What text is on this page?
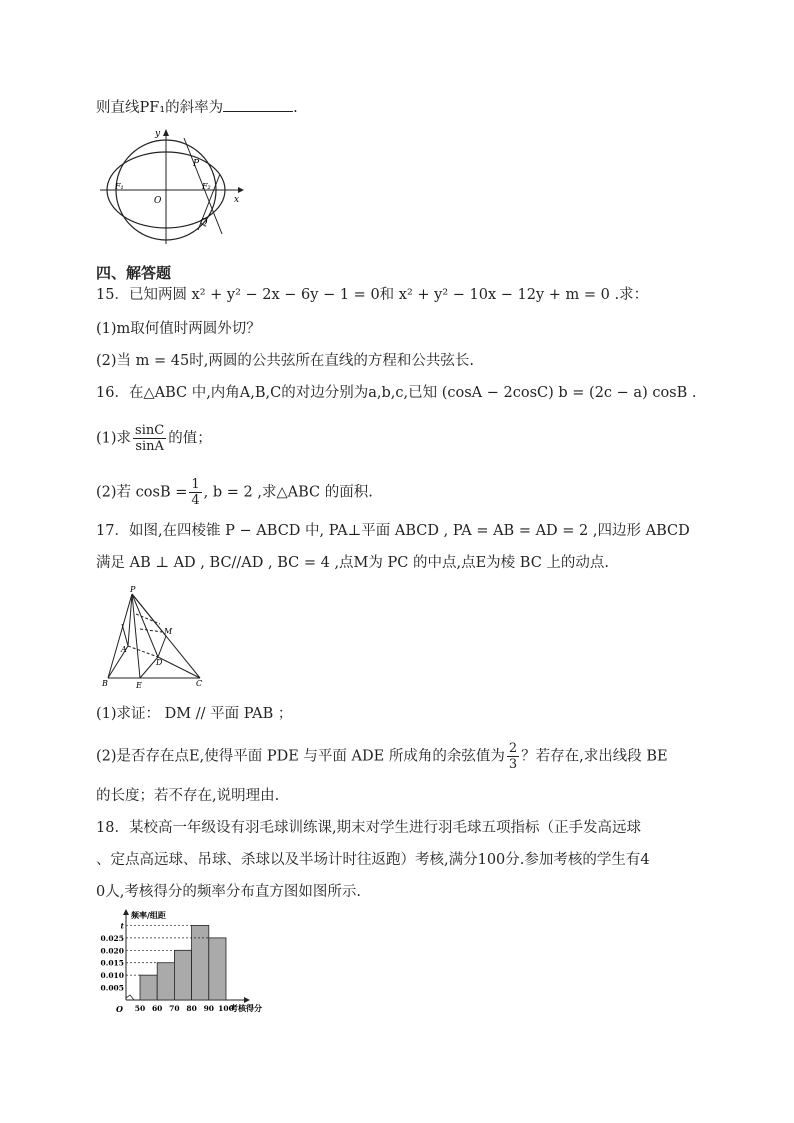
则直线PF₁的斜率为	.
y
x
O
P
Q
F₁	F₂
四、解答题
15．已知两圆 x² + y² − 2x − 6y − 1 = 0和 x² + y² − 10x − 12y + m = 0 .求：
(1)m取何值时两圆外切？
(2)当 m = 45时,两圆的公共弦所在直线的方程和公共弦长.
16．在△ABC 中,内角A,B,C的对边分别为a,b,c,已知 (cosA − 2cosC) b = (2c − a) cosB .
(1)求 $\frac{\sin C}{\sin A}$ 的值；
(2)若 $\cos B = \frac{1}{4}$ , b = 2 ,求△ABC 的面积.
17．如图,在四棱锥 P − ABCD 中, PA⊥平面 ABCD , PA = AB = AD = 2 ,四边形 ABCD
满足 AB ⊥ AD , BC//AD , BC = 4 ,点M为 PC 的中点,点E为棱 BC 上的动点.
P
M
A
D
B	E	C
(1)求证： DM // 平面 PAB ；
(2)是否存在点E,使得平面 PDE 与平面 ADE 所成角的余弦值为 $\frac{2}{3}$ ？若存在,求出线段 BE
的长度；若不存在,说明理由.
18．某校高一年级设有羽毛球训练课,期末对学生进行羽毛球五项指标（正手发高远球
、定点高远球、吊球、杀球以及半场计时往返跑）考核,满分100分.参加考核的学生有4
0人,考核得分的频率分布直方图如图所示.
0.005
0.010
0.015
0.020
0.025
t
50 60 70 80 90 100
O
频率/组距
考核得分
